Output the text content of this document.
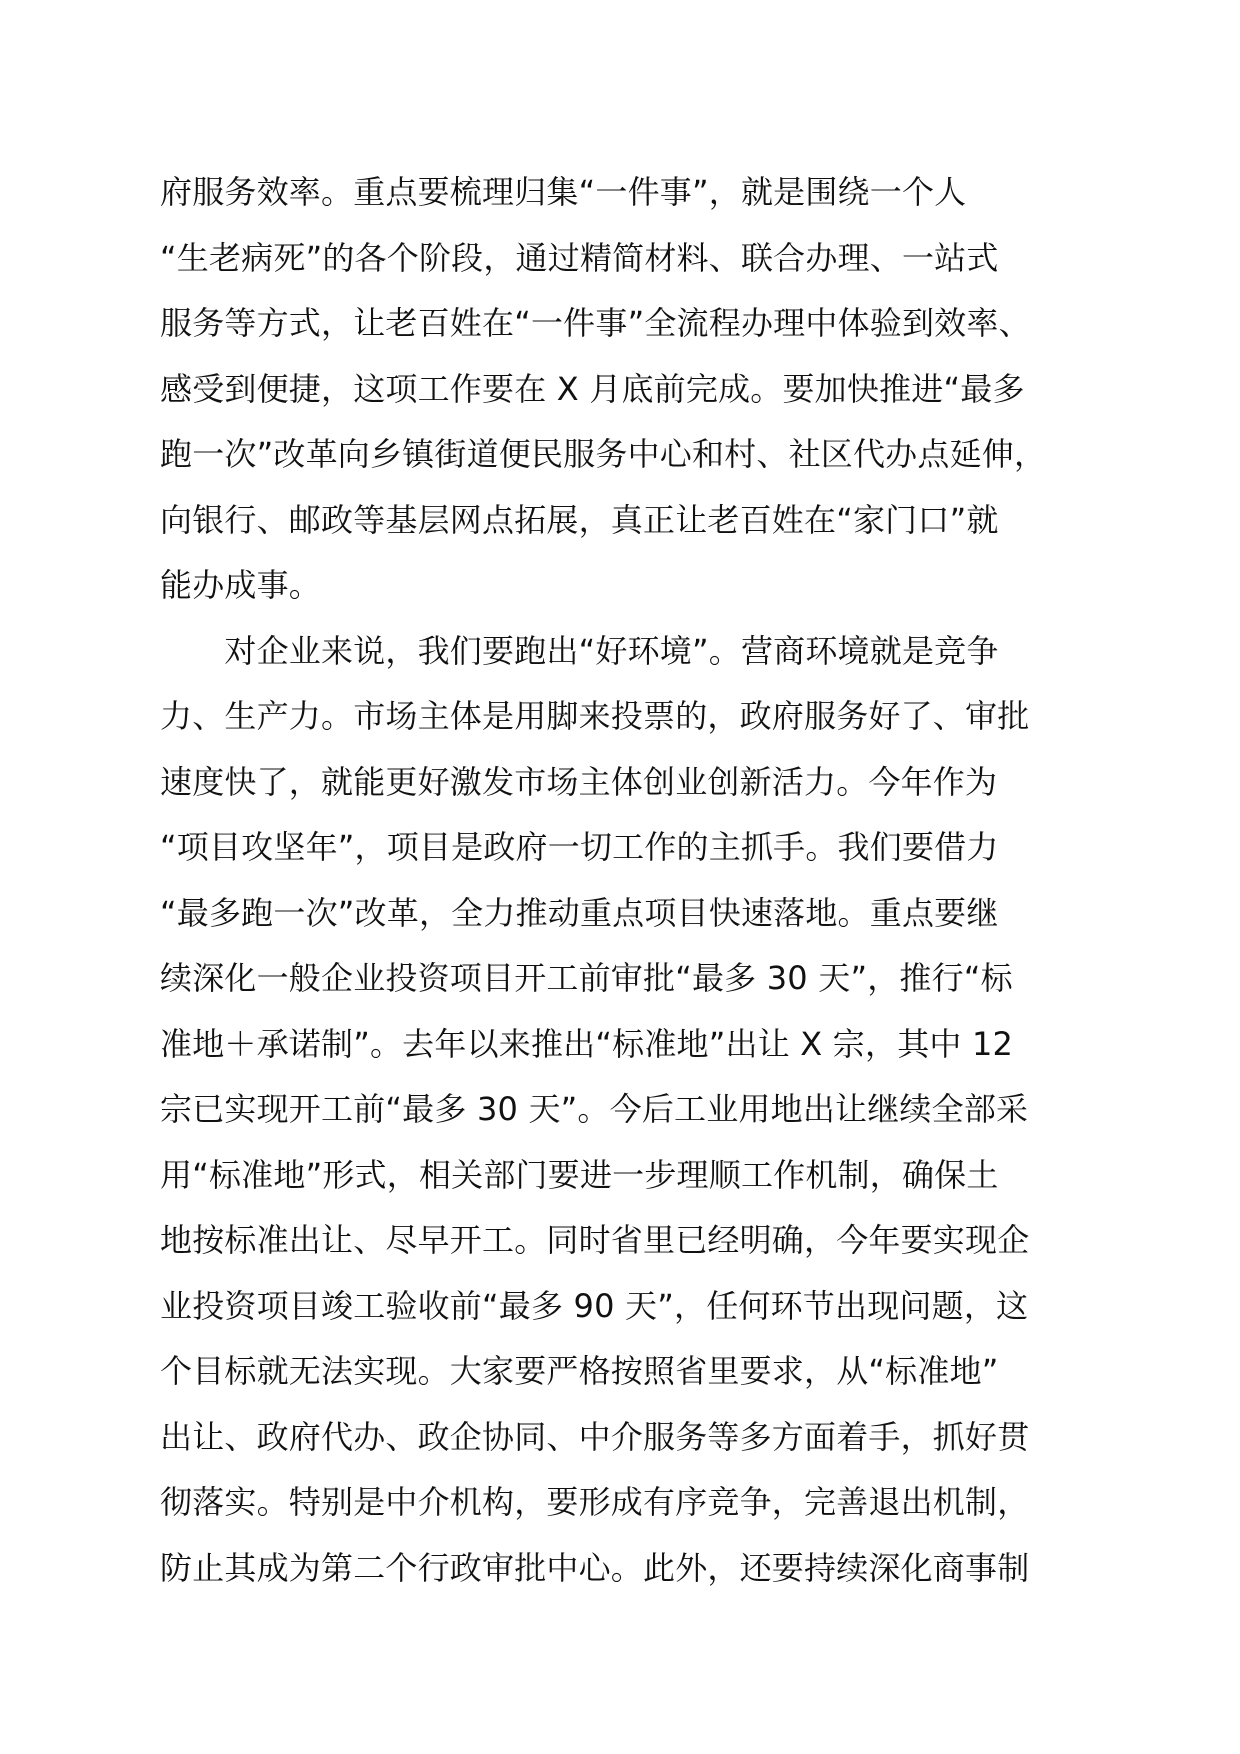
府服务效率。重点要梳理归集“一件事”，就是围绕一个人
“生老病死”的各个阶段，通过精简材料、联合办理、一站式
服务等方式，让老百姓在“一件事”全流程办理中体验到效率、
感受到便捷，这项工作要在 X 月底前完成。要加快推进“最多
跑一次”改革向乡镇街道便民服务中心和村、社区代办点延伸，
向银行、邮政等基层网点拓展，真正让老百姓在“家门口”就
能办成事。
　　对企业来说，我们要跑出“好环境”。营商环境就是竞争
力、生产力。市场主体是用脚来投票的，政府服务好了、审批
速度快了，就能更好激发市场主体创业创新活力。今年作为
“项目攻坚年”，项目是政府一切工作的主抓手。我们要借力
“最多跑一次”改革，全力推动重点项目快速落地。重点要继
续深化一般企业投资项目开工前审批“最多 30 天”，推行“标
准地＋承诺制”。去年以来推出“标准地”出让 X 宗，其中 12
宗已实现开工前“最多 30 天”。今后工业用地出让继续全部采
用“标准地”形式，相关部门要进一步理顺工作机制，确保土
地按标准出让、尽早开工。同时省里已经明确，今年要实现企
业投资项目竣工验收前“最多 90 天”，任何环节出现问题，这
个目标就无法实现。大家要严格按照省里要求，从“标准地”
出让、政府代办、政企协同、中介服务等多方面着手，抓好贯
彻落实。特别是中介机构，要形成有序竞争，完善退出机制，
防止其成为第二个行政审批中心。此外，还要持续深化商事制
